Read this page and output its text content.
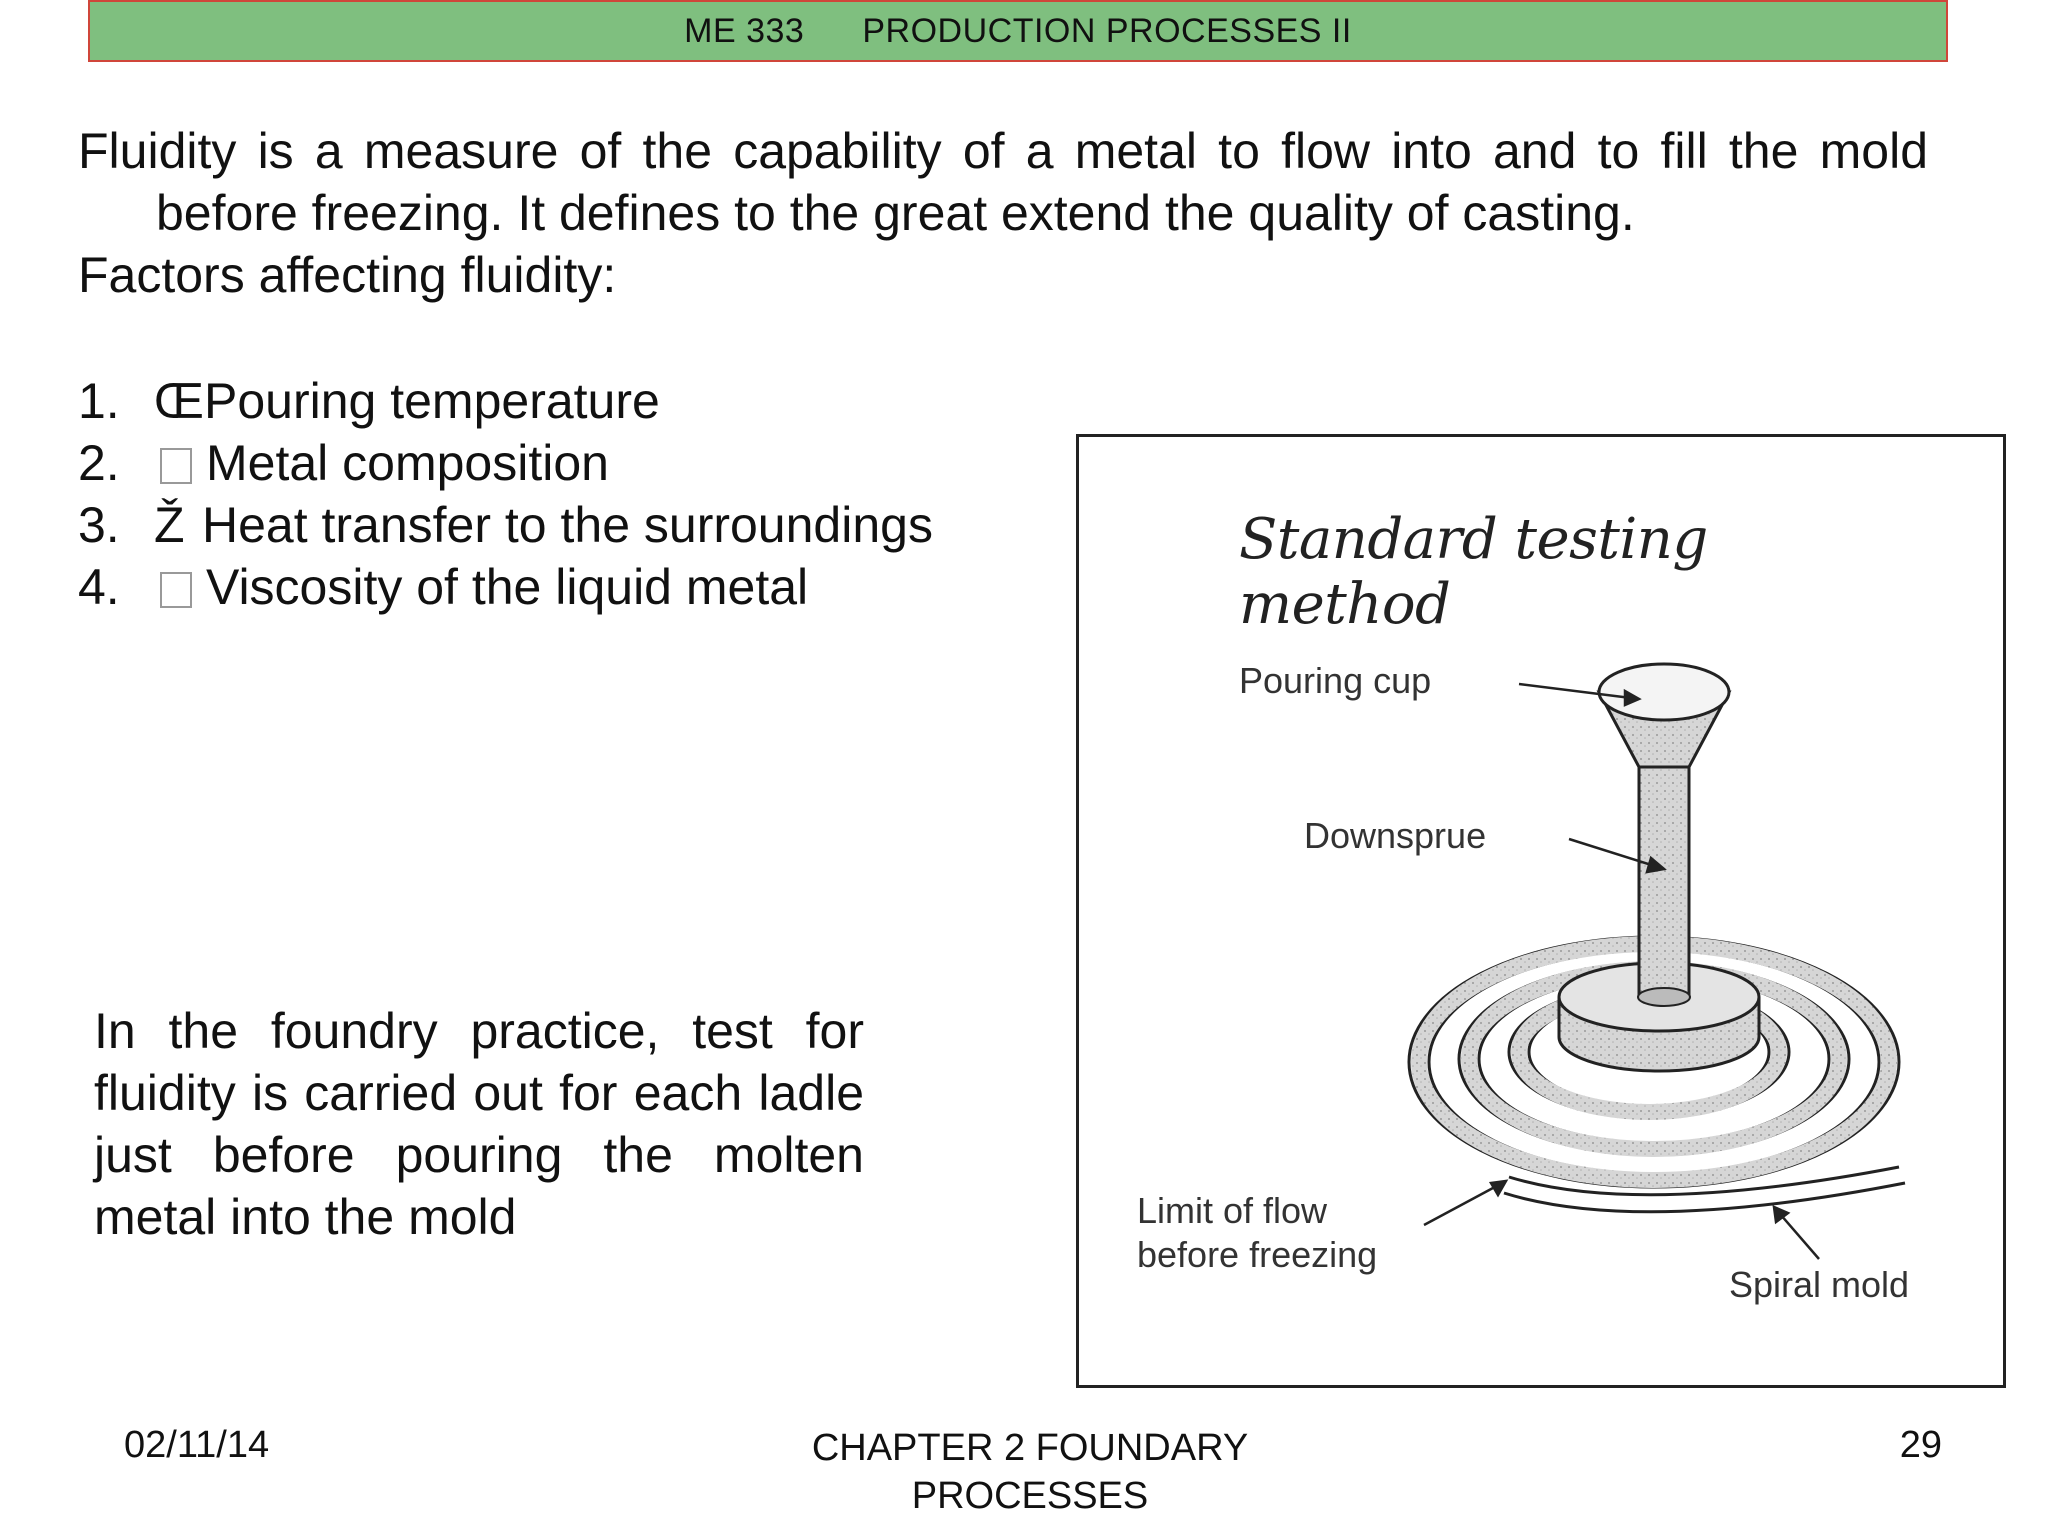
ME 333 PRODUCTION PROCESSES II

Fluidity is a measure of the capability of a metal to flow into and to fill the mold before freezing. It defines to the great extend the quality of casting.

Factors affecting fluidity:

1. Œ Pouring temperature
2.	Metal composition
3. Ž Heat transfer to the surroundings
4.	Viscosity of the liquid metal

In the foundry practice, test for fluidity is carried out for each ladle just before pouring the molten metal into the mold

Standard testing method
Pouring cup
Downsprue
Limit of flow
before freezing
Spiral mold
02/11/14	CHAPTER 2 FOUNDARY
PROCESSES
29
